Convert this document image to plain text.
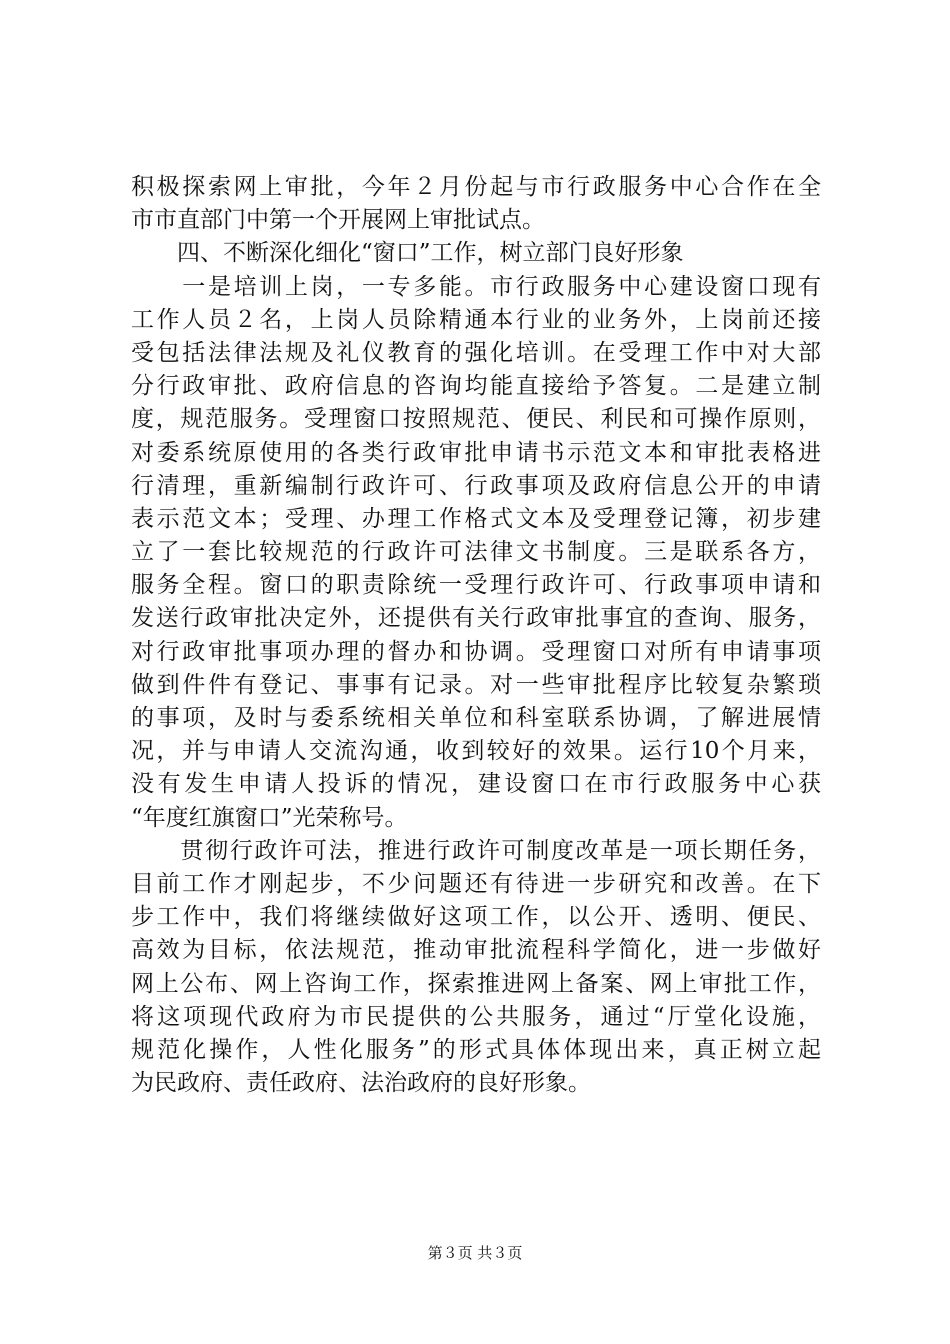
积极探索网上审批，今年２月份起与市行政服务中心合作在全
市市直部门中第一个开展网上审批试点。
　　四、不断深化细化“窗口”工作，树立部门良好形象
　　一是培训上岗，一专多能。市行政服务中心建设窗口现有
工作人员２名，上岗人员除精通本行业的业务外，上岗前还接
受包括法律法规及礼仪教育的强化培训。在受理工作中对大部
分行政审批、政府信息的咨询均能直接给予答复。二是建立制
度，规范服务。受理窗口按照规范、便民、利民和可操作原则，
对委系统原使用的各类行政审批申请书示范文本和审批表格进
行清理，重新编制行政许可、行政事项及政府信息公开的申请
表示范文本；受理、办理工作格式文本及受理登记簿，初步建
立了一套比较规范的行政许可法律文书制度。三是联系各方，
服务全程。窗口的职责除统一受理行政许可、行政事项申请和
发送行政审批决定外，还提供有关行政审批事宜的查询、服务，
对行政审批事项办理的督办和协调。受理窗口对所有申请事项
做到件件有登记、事事有记录。对一些审批程序比较复杂繁琐
的事项，及时与委系统相关单位和科室联系协调，了解进展情
况，并与申请人交流沟通，收到较好的效果。运行10个月来，
没有发生申请人投诉的情况，建设窗口在市行政服务中心获
“年度红旗窗口”光荣称号。
　　贯彻行政许可法，推进行政许可制度改革是一项长期任务，
目前工作才刚起步，不少问题还有待进一步研究和改善。在下
步工作中，我们将继续做好这项工作，以公开、透明、便民、
高效为目标，依法规范，推动审批流程科学简化，进一步做好
网上公布、网上咨询工作，探索推进网上备案、网上审批工作，
将这项现代政府为市民提供的公共服务，通过“厅堂化设施，
规范化操作，人性化服务”的形式具体体现出来，真正树立起
为民政府、责任政府、法治政府的良好形象。
第３页 共３页
